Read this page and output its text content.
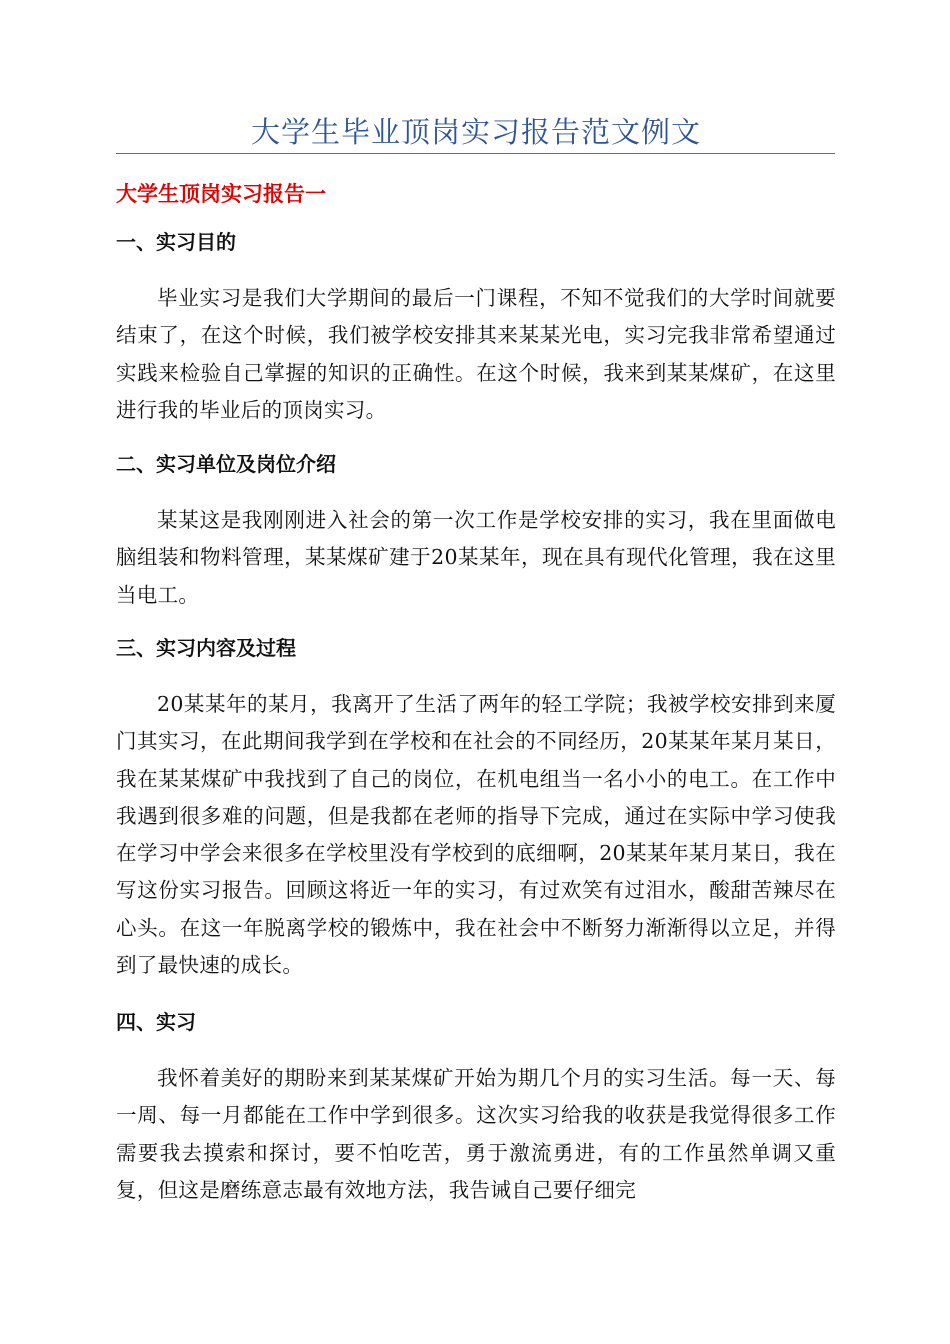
大学生毕业顶岗实习报告范文例文
大学生顶岗实习报告一
一、实习目的

毕业实习是我们大学期间的最后一门课程，不知不觉我们的大学时间就要结束了，在这个时候，我们被学校安排其来某某光电，实习完我非常希望通过实践来检验自己掌握的知识的正确性。在这个时候，我来到某某煤矿，在这里进行我的毕业后的顶岗实习。

二、实习单位及岗位介绍

某某这是我刚刚进入社会的第一次工作是学校安排的实习，我在里面做电脑组装和物料管理，某某煤矿建于20某某年，现在具有现代化管理，我在这里当电工。

三、实习内容及过程

20某某年的某月，我离开了生活了两年的轻工学院；我被学校安排到来厦门其实习，在此期间我学到在学校和在社会的不同经历，20某某年某月某日，我在某某煤矿中我找到了自己的岗位，在机电组当一名小小的电工。在工作中我遇到很多难的问题，但是我都在老师的指导下完成，通过在实际中学习使我在学习中学会来很多在学校里没有学校到的底细啊，20某某年某月某日，我在写这份实习报告。回顾这将近一年的实习，有过欢笑有过泪水，酸甜苦辣尽在心头。在这一年脱离学校的锻炼中，我在社会中不断努力渐渐得以立足，并得到了最快速的成长。

四、实习

我怀着美好的期盼来到某某煤矿开始为期几个月的实习生活。每一天、每一周、每一月都能在工作中学到很多。这次实习给我的收获是我觉得很多工作需要我去摸索和探讨，要不怕吃苦，勇于激流勇进，有的工作虽然单调又重复，但这是磨练意志最有效地方法，我告诫自己要仔细完
